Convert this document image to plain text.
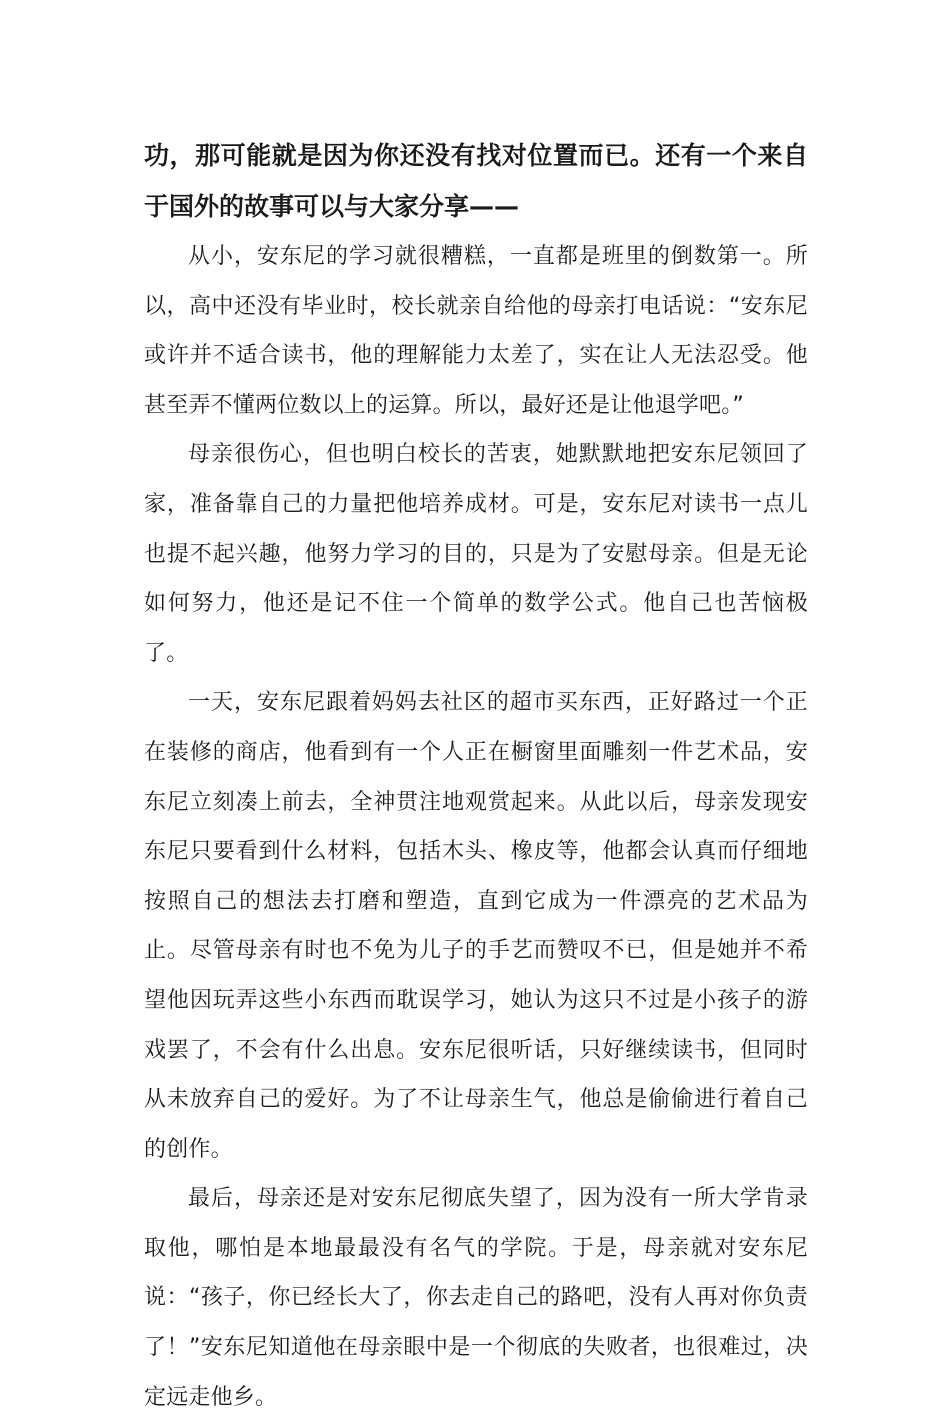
功，那可能就是因为你还没有找对位置而已。还有一个来自于国外的故事可以与大家分享——

从小，安东尼的学习就很糟糕，一直都是班里的倒数第一。所以，高中还没有毕业时，校长就亲自给他的母亲打电话说：“安东尼或许并不适合读书，他的理解能力太差了，实在让人无法忍受。他甚至弄不懂两位数以上的运算。所以，最好还是让他退学吧。”

母亲很伤心，但也明白校长的苦衷，她默默地把安东尼领回了家，准备靠自己的力量把他培养成材。可是，安东尼对读书一点儿也提不起兴趣，他努力学习的目的，只是为了安慰母亲。但是无论如何努力，他还是记不住一个简单的数学公式。他自己也苦恼极了。

一天，安东尼跟着妈妈去社区的超市买东西，正好路过一个正在装修的商店，他看到有一个人正在橱窗里面雕刻一件艺术品，安东尼立刻凑上前去，全神贯注地观赏起来。从此以后，母亲发现安东尼只要看到什么材料，包括木头、橡皮等，他都会认真而仔细地按照自己的想法去打磨和塑造，直到它成为一件漂亮的艺术品为止。尽管母亲有时也不免为儿子的手艺而赞叹不已，但是她并不希望他因玩弄这些小东西而耽误学习，她认为这只不过是小孩子的游戏罢了，不会有什么出息。安东尼很听话，只好继续读书，但同时从未放弃自己的爱好。为了不让母亲生气，他总是偷偷进行着自己的创作。

最后，母亲还是对安东尼彻底失望了，因为没有一所大学肯录取他，哪怕是本地最最没有名气的学院。于是，母亲就对安东尼说：“孩子，你已经长大了，你去走自己的路吧，没有人再对你负责了！”安东尼知道他在母亲眼中是一个彻底的失败者，也很难过，决定远走他乡。
